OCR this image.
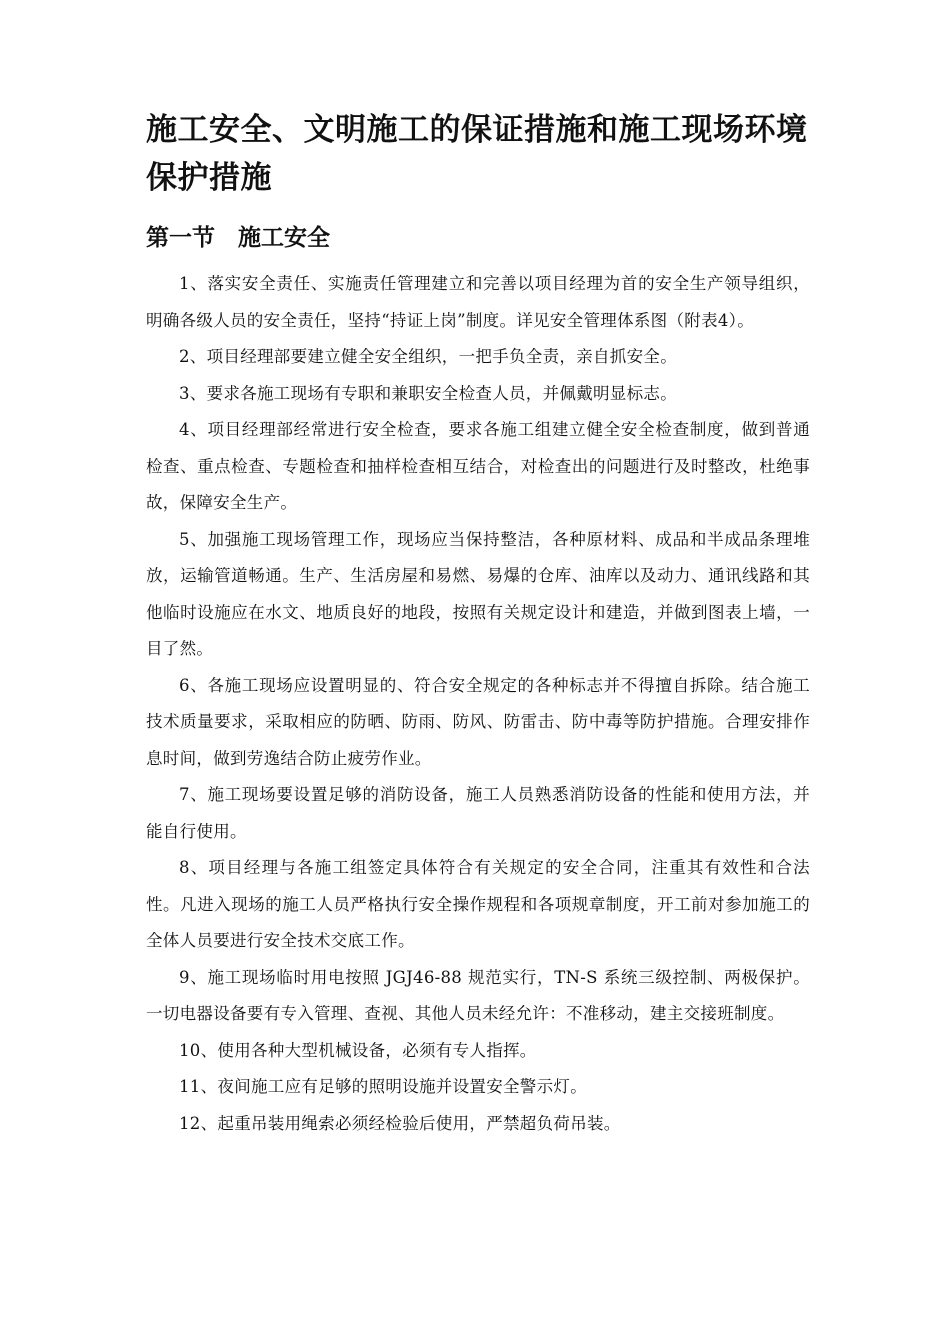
施工安全、文明施工的保证措施和施工现场环境保护措施
第一节　施工安全

1、落实安全责任、实施责任管理建立和完善以项目经理为首的安全生产领导组织，明确各级人员的安全责任，坚持“持证上岗”制度。详见安全管理体系图（附表4）。

2、项目经理部要建立健全安全组织，一把手负全责，亲自抓安全。

3、要求各施工现场有专职和兼职安全检查人员，并佩戴明显标志。

4、项目经理部经常进行安全检查，要求各施工组建立健全安全检查制度，做到普通检查、重点检查、专题检查和抽样检查相互结合，对检查出的问题进行及时整改，杜绝事故，保障安全生产。

5、加强施工现场管理工作，现场应当保持整洁，各种原材料、成品和半成品条理堆放，运输管道畅通。生产、生活房屋和易燃、易爆的仓库、油库以及动力、通讯线路和其他临时设施应在水文、地质良好的地段，按照有关规定设计和建造，并做到图表上墙，一目了然。

6、各施工现场应设置明显的、符合安全规定的各种标志并不得擅自拆除。结合施工技术质量要求，采取相应的防晒、防雨、防风、防雷击、防中毒等防护措施。合理安排作息时间，做到劳逸结合防止疲劳作业。

7、施工现场要设置足够的消防设备，施工人员熟悉消防设备的性能和使用方法，并能自行使用。

8、项目经理与各施工组签定具体符合有关规定的安全合同，注重其有效性和合法性。凡进入现场的施工人员严格执行安全操作规程和各项规章制度，开工前对参加施工的全体人员要进行安全技术交底工作。

9、施工现场临时用电按照 JGJ46-88 规范实行，TN-S 系统三级控制、两极保护。一切电器设备要有专入管理、查视、其他人员未经允许：不准移动，建主交接班制度。

10、使用各种大型机械设备，必须有专人指挥。

11、夜间施工应有足够的照明设施并设置安全警示灯。

12、起重吊装用绳索必须经检验后使用，严禁超负荷吊装。
